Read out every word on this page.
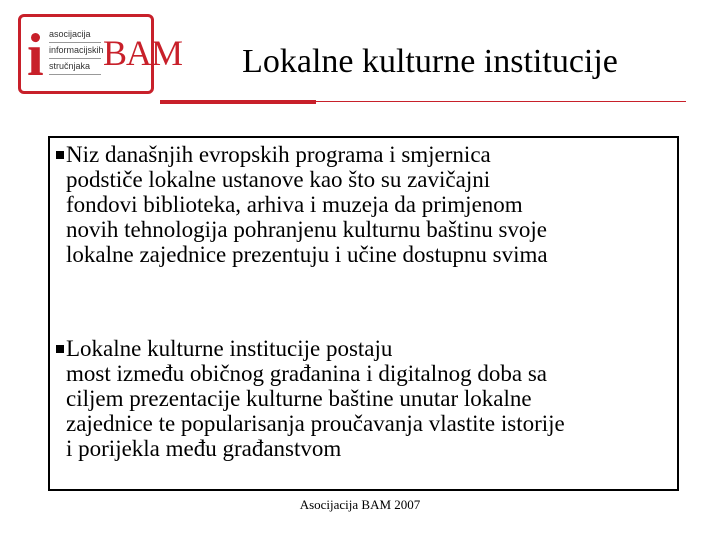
i asocijacija
informacijskih
stručnjaka BAM	Lokalne kulturne institucije
Niz današnjih evropskih programa i smjernica
podstiče lokalne ustanove kao što su zavičajni
fondovi biblioteka, arhiva i muzeja da primjenom
novih tehnologija pohranjenu kulturnu baštinu svoje
lokalne zajednice prezentuju i učine dostupnu svima
Lokalne kulturne institucije postaju
most između običnog građanina i digitalnog doba sa
ciljem prezentacije kulturne baštine unutar lokalne
zajednice te popularisanja proučavanja vlastite istorije
i porijekla među građanstvom
Asocijacija BAM 2007
